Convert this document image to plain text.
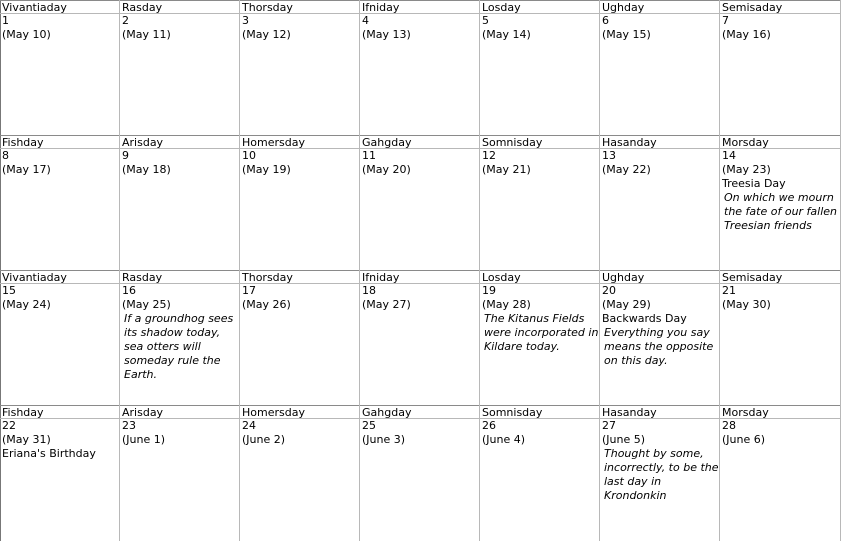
Vivantiaday
1
(May 10)
Rasday
2
(May 11)
Thorsday
3
(May 12)
Ifniday
4
(May 13)
Losday
5
(May 14)
Ughday
6
(May 15)
Semisaday
7
(May 16)
Fishday
8
(May 17)
Arisday
9
(May 18)
Homersday
10
(May 19)
Gahgday
11
(May 20)
Somnisday
12
(May 21)
Hasanday
13
(May 22)
Morsday
14
(May 23)
Treesia Day
On which we mourn the fate of our fallen Treesian friends
Vivantiaday
15
(May 24)
Rasday
16
(May 25)
If a groundhog sees its shadow today, sea otters will someday rule the Earth.
Thorsday
17
(May 26)
Ifniday
18
(May 27)
Losday
19
(May 28)
The Kitanus Fields were incorporated in Kildare today.
Ughday
20
(May 29)
Backwards Day
Everything you say means the opposite on this day.
Semisaday
21
(May 30)
Fishday
22
(May 31)
Eriana's Birthday
Arisday
23
(June 1)
Homersday
24
(June 2)
Gahgday
25
(June 3)
Somnisday
26
(June 4)
Hasanday
27
(June 5)
Thought by some, incorrectly, to be the last day in Krondonkin
Morsday
28
(June 6)
